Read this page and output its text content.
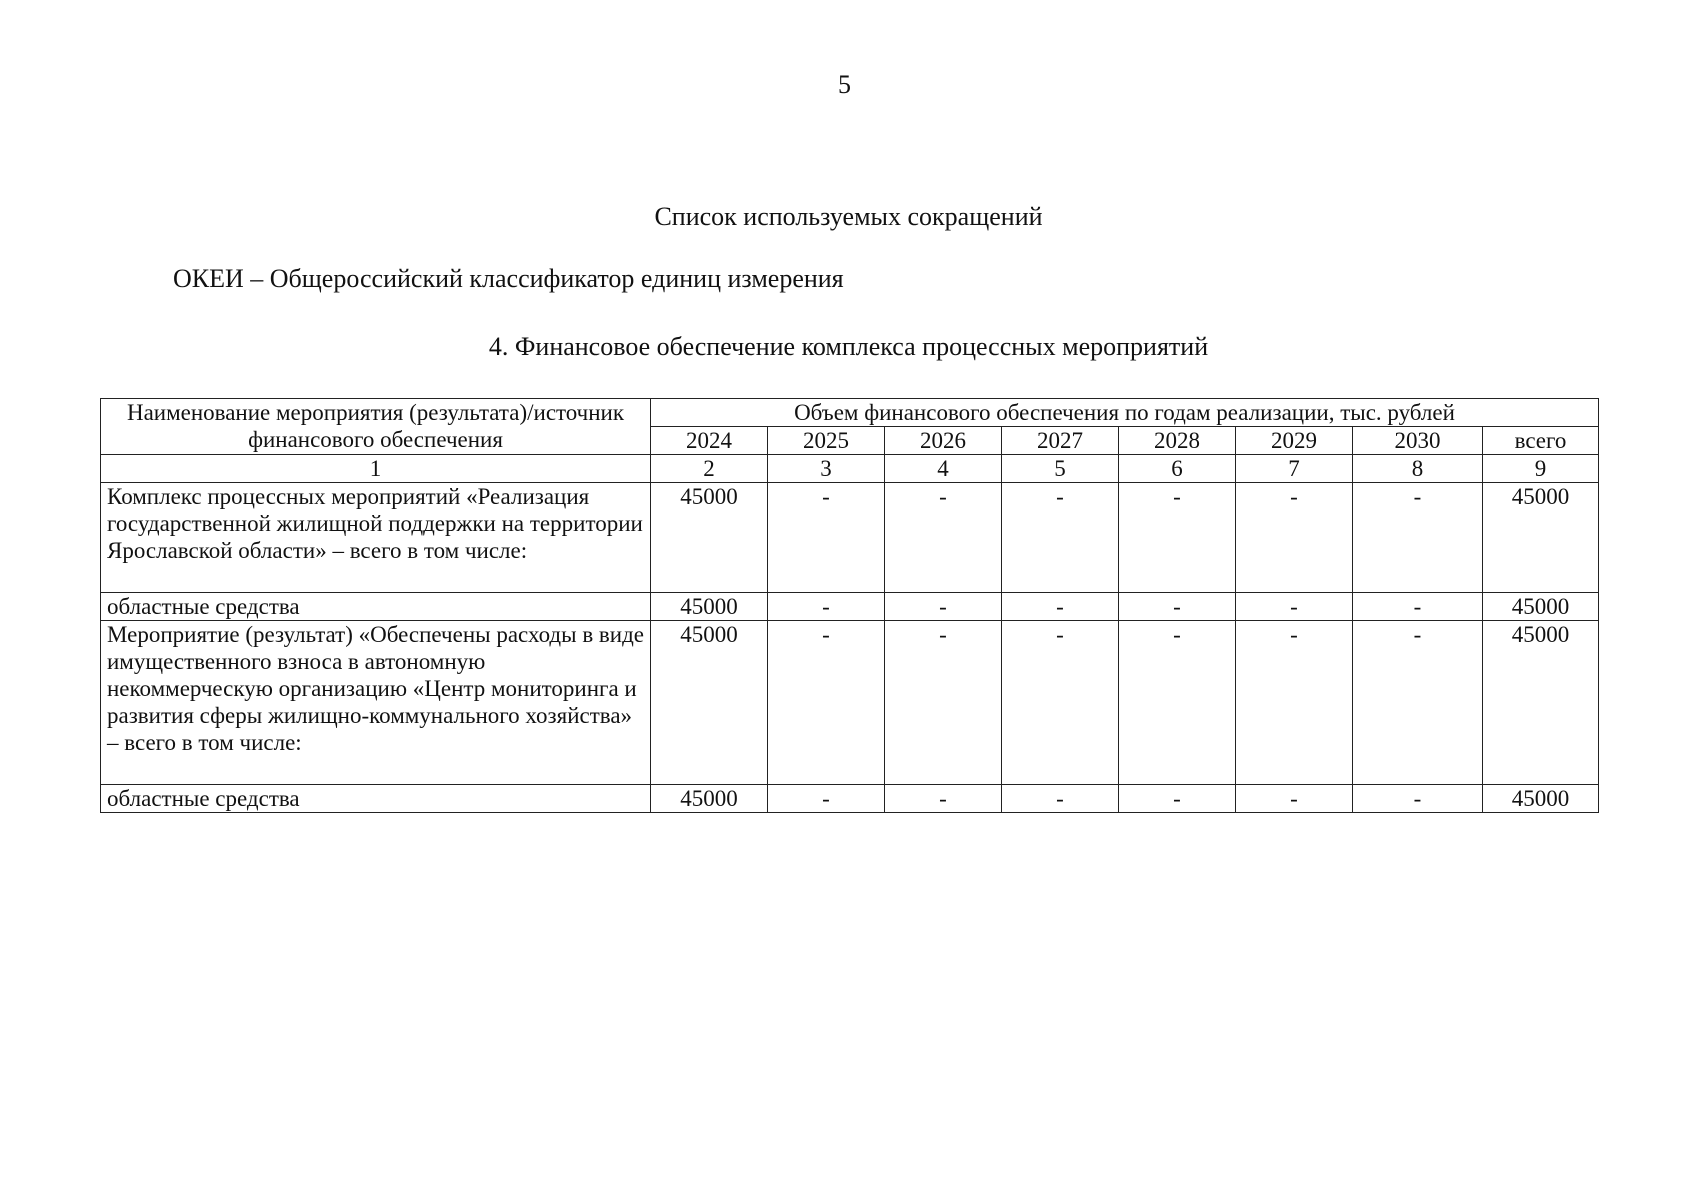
5
Список используемых сокращений
ОКЕИ – Общероссийский классификатор единиц измерения
4. Финансовое обеспечение комплекса процессных мероприятий
Наименование мероприятия (результата)/источник финансового обеспечения	Объем финансового обеспечения по годам реализации, тыс. рублей							
	2024	2025	2026	2027	2028	2029	2030	всего
1	2	3	4	5	6	7	8	9
Комплекс процессных мероприятий «Реализация государственной жилищной поддержки на территории Ярославской области» – всего в том числе:	45000	-	-	-	-	-	-	45000
областные средства	45000	-	-	-	-	-	-	45000
Мероприятие (результат) «Обеспечены расходы в виде имущественного взноса в автономную некоммерческую организацию «Центр мониторинга и развития сферы жилищно-коммунального хозяйства» – всего в том числе:	45000	-	-	-	-	-	-	45000
областные средства	45000	-	-	-	-	-	-	45000
